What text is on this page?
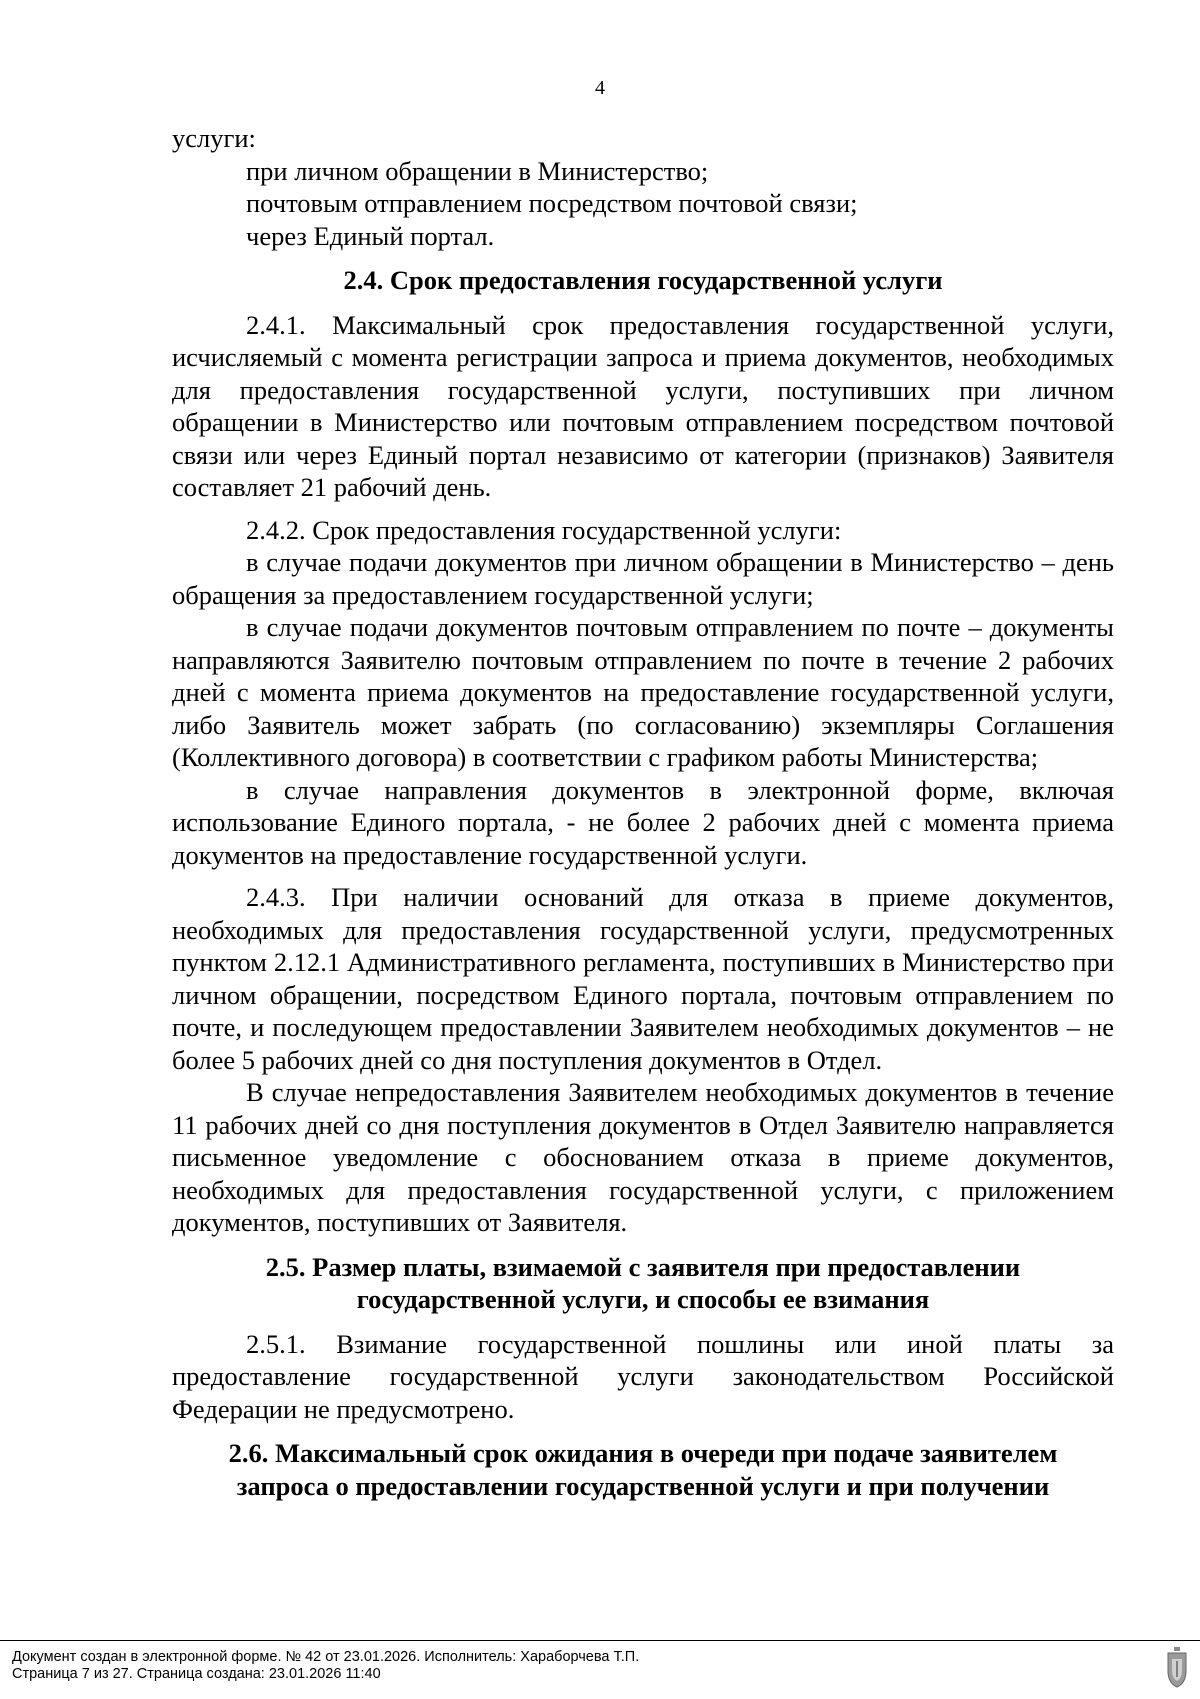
4

услуги:

при личном обращении в Министерство;

почтовым отправлением посредством почтовой связи;

через Единый портал.

2.4. Срок предоставления государственной услуги

2.4.1. Максимальный срок предоставления государственной услуги, исчисляемый с момента регистрации запроса и приема документов, необходимых для предоставления государственной услуги, поступивших при личном обращении в Министерство или почтовым отправлением посредством почтовой связи или через Единый портал независимо от категории (признаков) Заявителя составляет 21 рабочий день.

2.4.2. Срок предоставления государственной услуги:

в случае подачи документов при личном обращении в Министерство – день обращения за предоставлением государственной услуги;

в случае подачи документов почтовым отправлением по почте – документы направляются Заявителю почтовым отправлением по почте в течение 2 рабочих дней с момента приема документов на предоставление государственной услуги, либо Заявитель может забрать (по согласованию) экземпляры Соглашения (Коллективного договора) в соответствии с графиком работы Министерства;

в случае направления документов в электронной форме, включая использование Единого портала, - не более 2 рабочих дней с момента приема документов на предоставление государственной услуги.

2.4.3. При наличии оснований для отказа в приеме документов, необходимых для предоставления государственной услуги, предусмотренных пунктом 2.12.1 Административного регламента, поступивших в Министерство при личном обращении, посредством Единого портала, почтовым отправлением по почте, и последующем предоставлении Заявителем необходимых документов – не более 5 рабочих дней со дня поступления документов в Отдел.

В случае непредоставления Заявителем необходимых документов в течение 11 рабочих дней со дня поступления документов в Отдел Заявителю направляется письменное уведомление с обоснованием отказа в приеме документов, необходимых для предоставления государственной услуги, с приложением документов, поступивших от Заявителя.

2.5. Размер платы, взимаемой с заявителя при предоставлении
государственной услуги, и способы ее взимания

2.5.1. Взимание государственной пошлины или иной платы за предоставление государственной услуги законодательством Российской Федерации не предусмотрено.

2.6. Максимальный срок ожидания в очереди при подаче заявителем
запроса о предоставлении государственной услуги и при получении
Документ создан в электронной форме. № 42 от 23.01.2026. Исполнитель: Хараборчева Т.П.
Страница 7 из 27. Страница создана: 23.01.2026 11:40
